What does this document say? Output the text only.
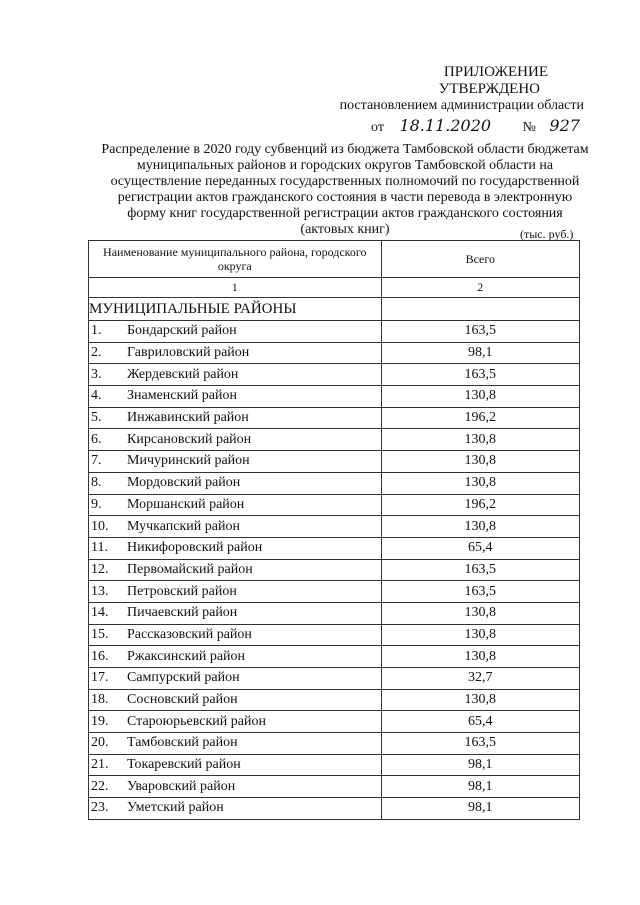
ПРИЛОЖЕНИЕ
УТВЕРЖДЕНО
постановлением администрации области
от 18.11.2020 № 927
Распределение в 2020 году субвенций из бюджета Тамбовской области бюджетам муниципальных районов и городских округов Тамбовской области на осуществление переданных государственных полномочий по государственной регистрации актов гражданского состояния в части перевода в электронную форму книг государственной регистрации актов гражданского состояния (актовых книг)	(тыс. руб.)
Наименование муниципального района, городского округа	Всего
1	2
МУНИЦИПАЛЬНЫЕ РАЙОНЫ	
1. Бондарский район	163,5
2. Гавриловский район	98,1
3. Жердевский район	163,5
4. Знаменский район	130,8
5. Инжавинский район	196,2
6. Кирсановский район	130,8
7. Мичуринский район	130,8
8. Мордовский район	130,8
9. Моршанский район	196,2
10. Мучкапский район	130,8
11. Никифоровский район	65,4
12. Первомайский район	163,5
13. Петровский район	163,5
14. Пичаевский район	130,8
15. Рассказовский район	130,8
16. Ржаксинский район	130,8
17. Сампурский район	32,7
18. Сосновский район	130,8
19. Староюрьевский район	65,4
20. Тамбовский район	163,5
21. Токаревский район	98,1
22. Уваровский район	98,1
23. Уметский район	98,1
